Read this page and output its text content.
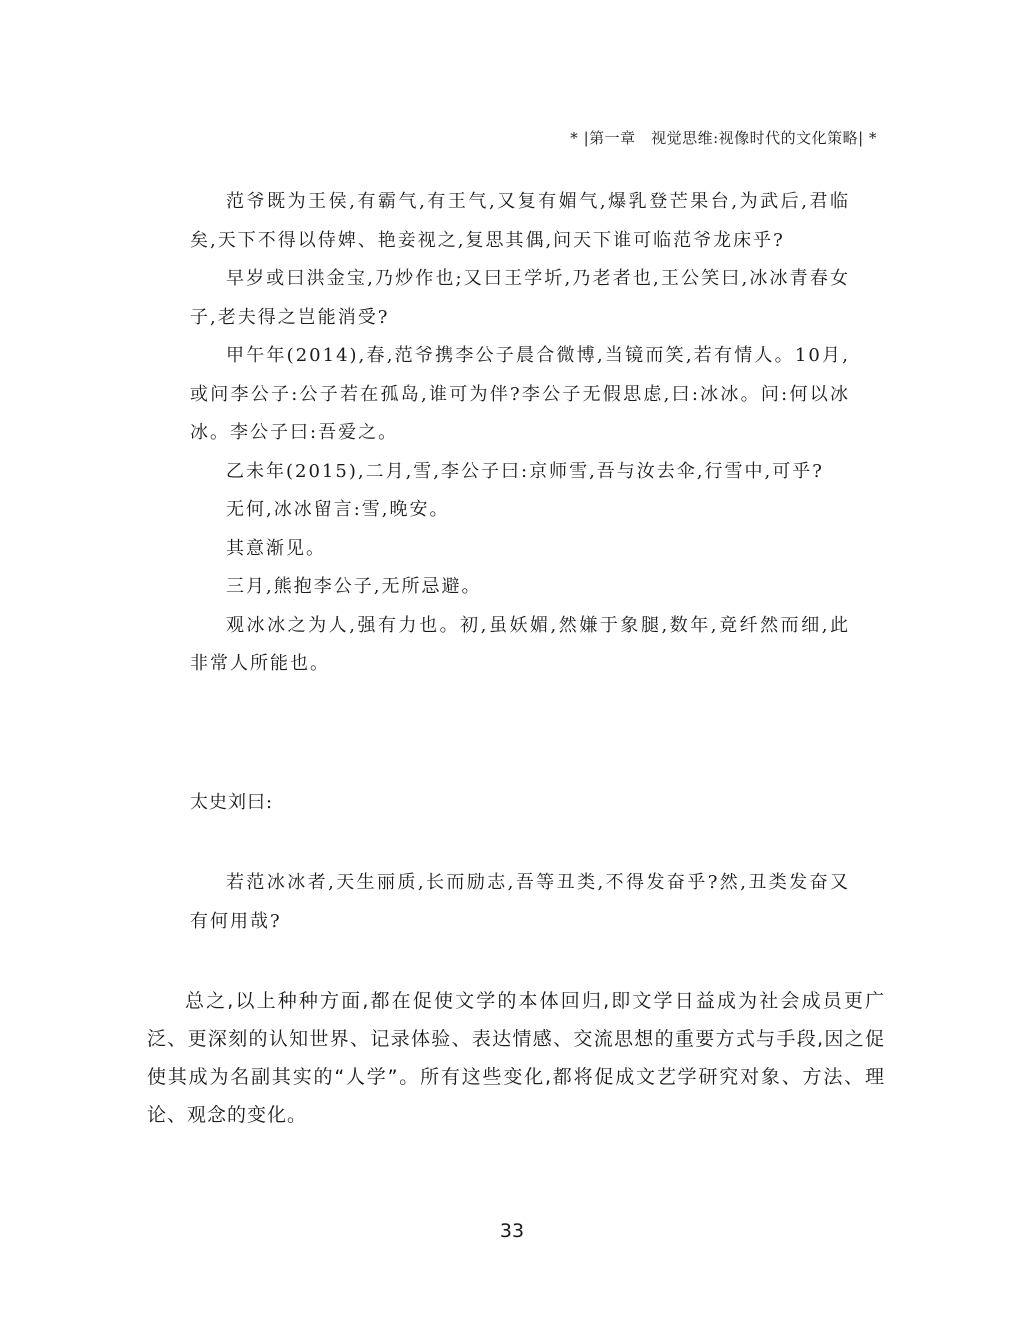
* |第一章　视觉思维:视像时代的文化策略| *

范爷既为王侯,有霸气,有王气,又复有媚气,爆乳登芒果台,为武后,君临矣,天下不得以侍婢、艳妾视之,复思其偶,问天下谁可临范爷龙床乎?

早岁或曰洪金宝,乃炒作也;又曰王学圻,乃老者也,王公笑曰,冰冰青春女子,老夫得之岂能消受?

甲午年(2014),春,范爷携李公子晨合微博,当镜而笑,若有情人。10月,或问李公子:公子若在孤岛,谁可为伴?李公子无假思虑,曰:冰冰。问:何以冰冰。李公子曰:吾爱之。

乙未年(2015),二月,雪,李公子曰:京师雪,吾与汝去伞,行雪中,可乎?

无何,冰冰留言:雪,晚安。

其意渐见。

三月,熊抱李公子,无所忌避。

观冰冰之为人,强有力也。初,虽妖媚,然嫌于象腿,数年,竟纤然而细,此非常人所能也。

太史刘曰:

若范冰冰者,天生丽质,长而励志,吾等丑类,不得发奋乎?然,丑类发奋又有何用哉?

总之,以上种种方面,都在促使文学的本体回归,即文学日益成为社会成员更广泛、更深刻的认知世界、记录体验、表达情感、交流思想的重要方式与手段,因之促使其成为名副其实的“人学”。所有这些变化,都将促成文艺学研究对象、方法、理论、观念的变化。

33
